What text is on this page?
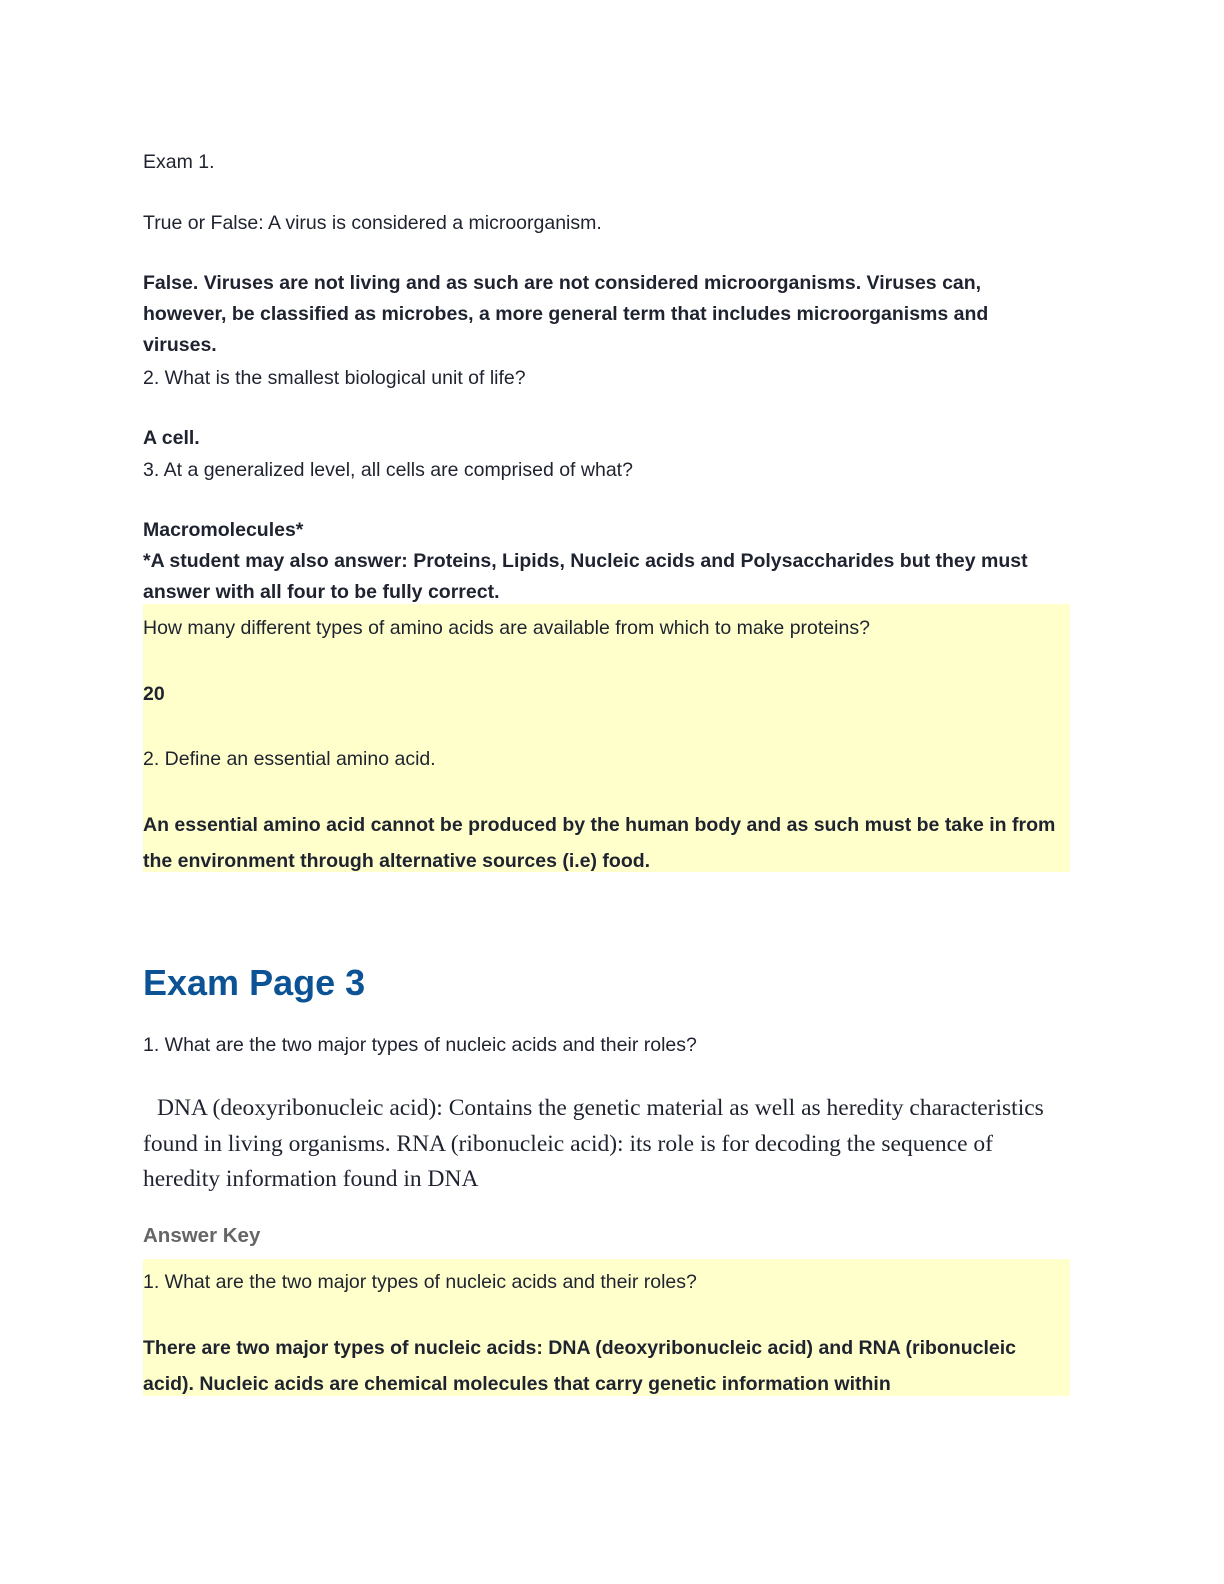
Exam 1.

True or False: A virus is considered a microorganism.

False. Viruses are not living and as such are not considered microorganisms. Viruses can, however, be classified as microbes, a more general term that includes microorganisms and viruses.

2. What is the smallest biological unit of life?

A cell.

3. At a generalized level, all cells are comprised of what?

Macromolecules*

*A student may also answer: Proteins, Lipids, Nucleic acids and Polysaccharides but they must answer with all four to be fully correct.

How many different types of amino acids are available from which to make proteins?

20

2. Define an essential amino acid.

An essential amino acid cannot be produced by the human body and as such must be take in from the environment through alternative sources (i.e) food.

Exam Page 3

1. What are the two major types of nucleic acids and their roles?

DNA (deoxyribonucleic acid): Contains the genetic material as well as heredity characteristics found in living organisms. RNA (ribonucleic acid): its role is for decoding the sequence of heredity information found in DNA

Answer Key

1. What are the two major types of nucleic acids and their roles?

There are two major types of nucleic acids: DNA (deoxyribonucleic acid) and RNA (ribonucleic acid). Nucleic acids are chemical molecules that carry genetic information within
